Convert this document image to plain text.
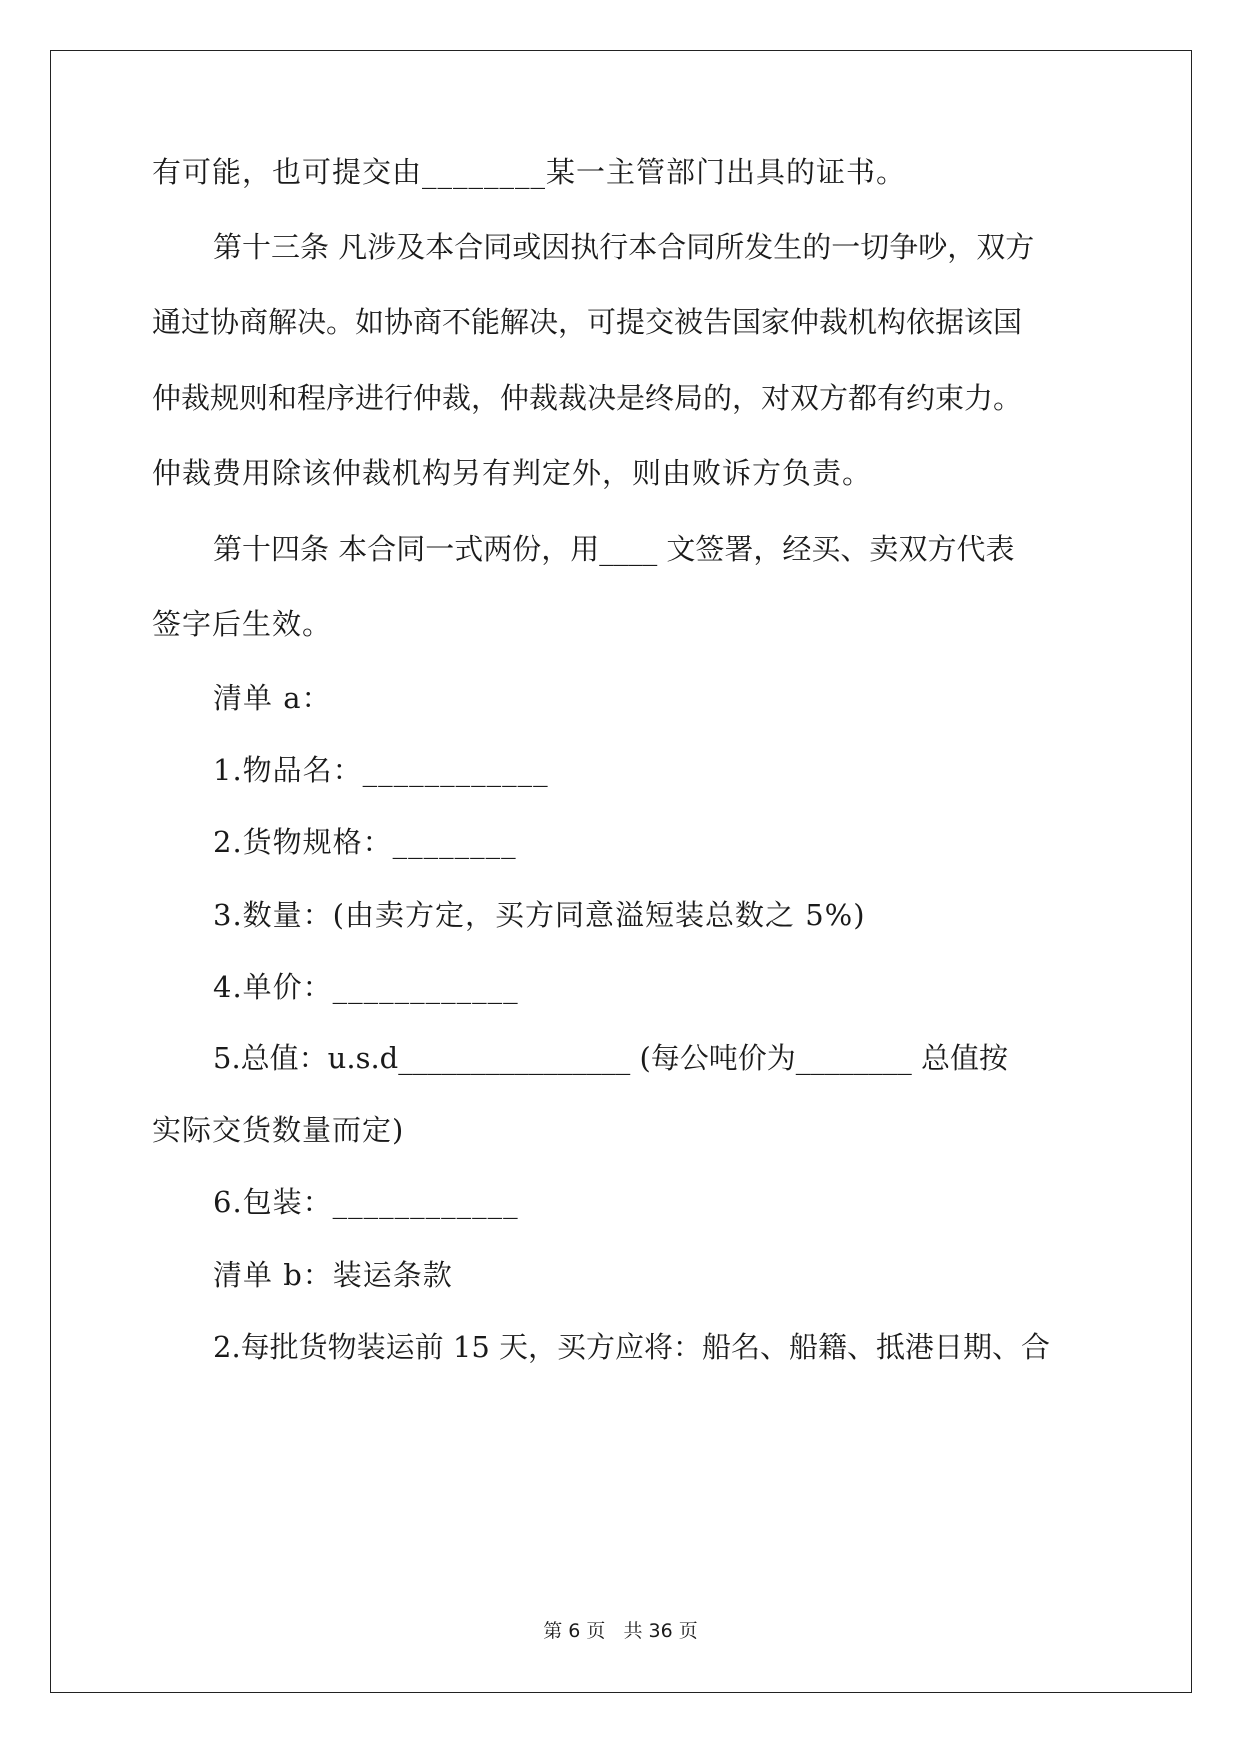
有可能，也可提交由________某一主管部门出具的证书。
第十三条 凡涉及本合同或因执行本合同所发生的一切争吵，双方
通过协商解决。如协商不能解决，可提交被告国家仲裁机构依据该国
仲裁规则和程序进行仲裁，仲裁裁决是终局的，对双方都有约束力。
仲裁费用除该仲裁机构另有判定外，则由败诉方负责。
第十四条 本合同一式两份，用____ 文签署，经买、卖双方代表
签字后生效。
清单 a：
1.物品名：____________
2.货物规格：________
3.数量：(由卖方定，买方同意溢短装总数之 5%)
4.单价：____________
5.总值：u.s.d________________ (每公吨价为________ 总值按
实际交货数量而定)
6.包装：____________
清单 b：装运条款
2.每批货物装运前 15 天，买方应将：船名、船籍、抵港日期、合
第 6 页 共 36 页
